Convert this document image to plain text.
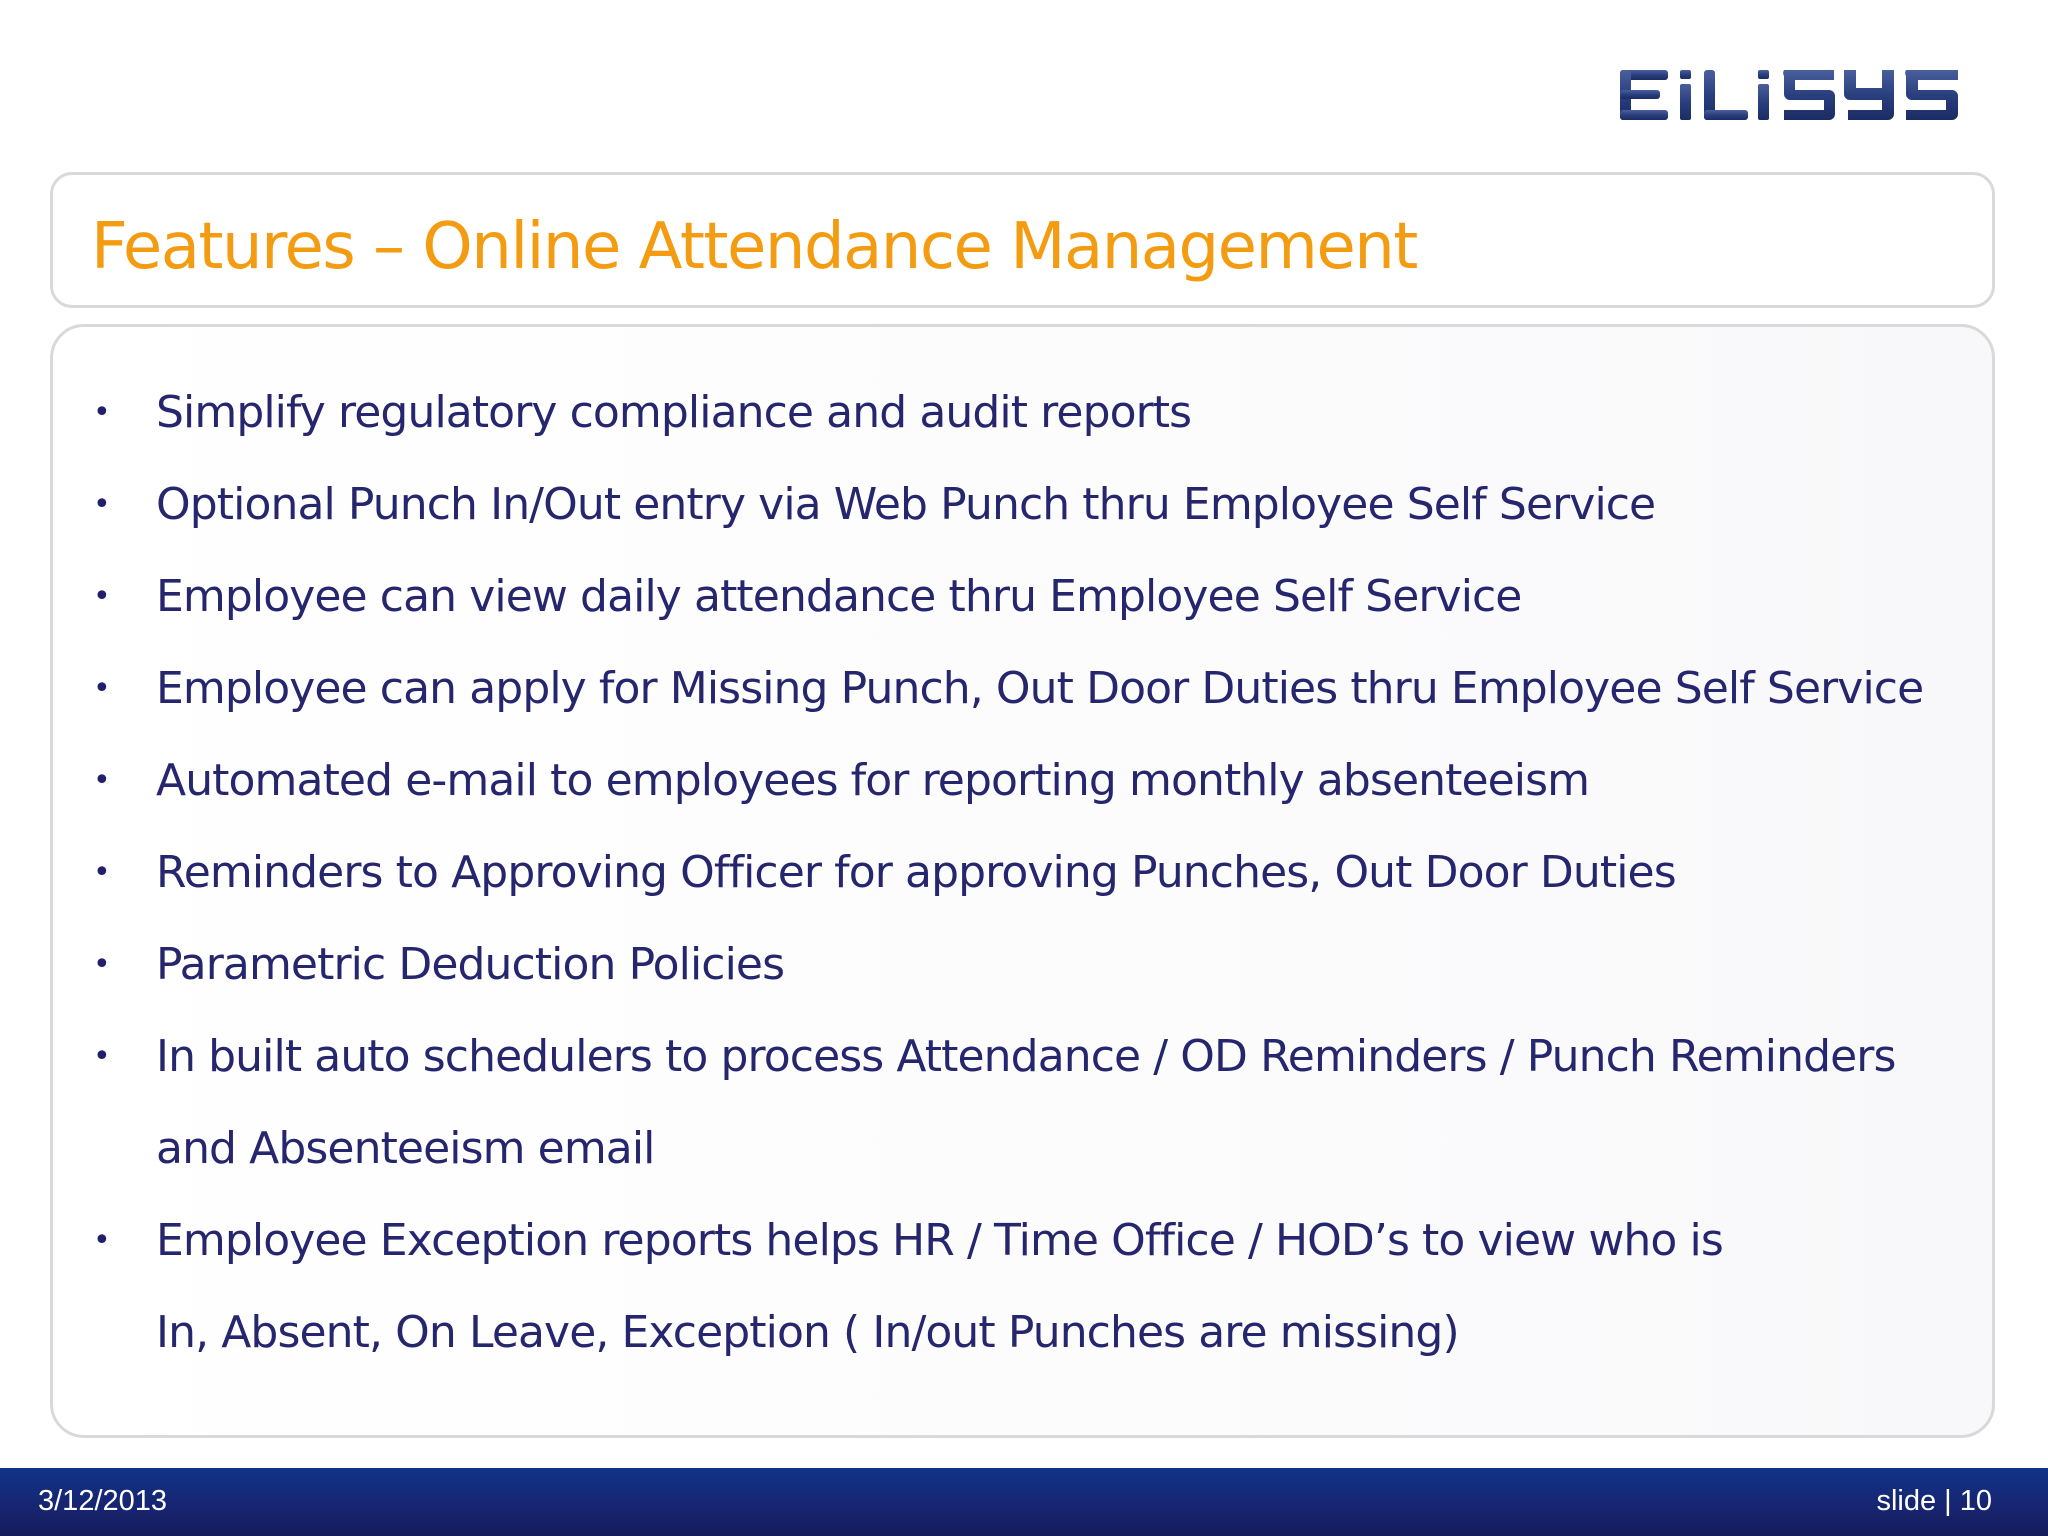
Features – Online Attendance Management
• Simplify regulatory compliance and audit reports
• Optional Punch In/Out entry via Web Punch thru Employee Self Service
• Employee can view daily attendance thru Employee Self Service
• Employee can apply for Missing Punch, Out Door Duties thru Employee Self Service
• Automated e-mail to employees for reporting monthly absenteeism
• Reminders to Approving Officer for approving Punches, Out Door Duties
• Parametric Deduction Policies
• In built auto schedulers to process Attendance / OD Reminders / Punch Reminders
and Absenteeism email
• Employee Exception reports helps HR / Time Office / HOD’s to view who is
In, Absent, On Leave, Exception ( In/out Punches are missing)
3/12/2013	slide | 10
